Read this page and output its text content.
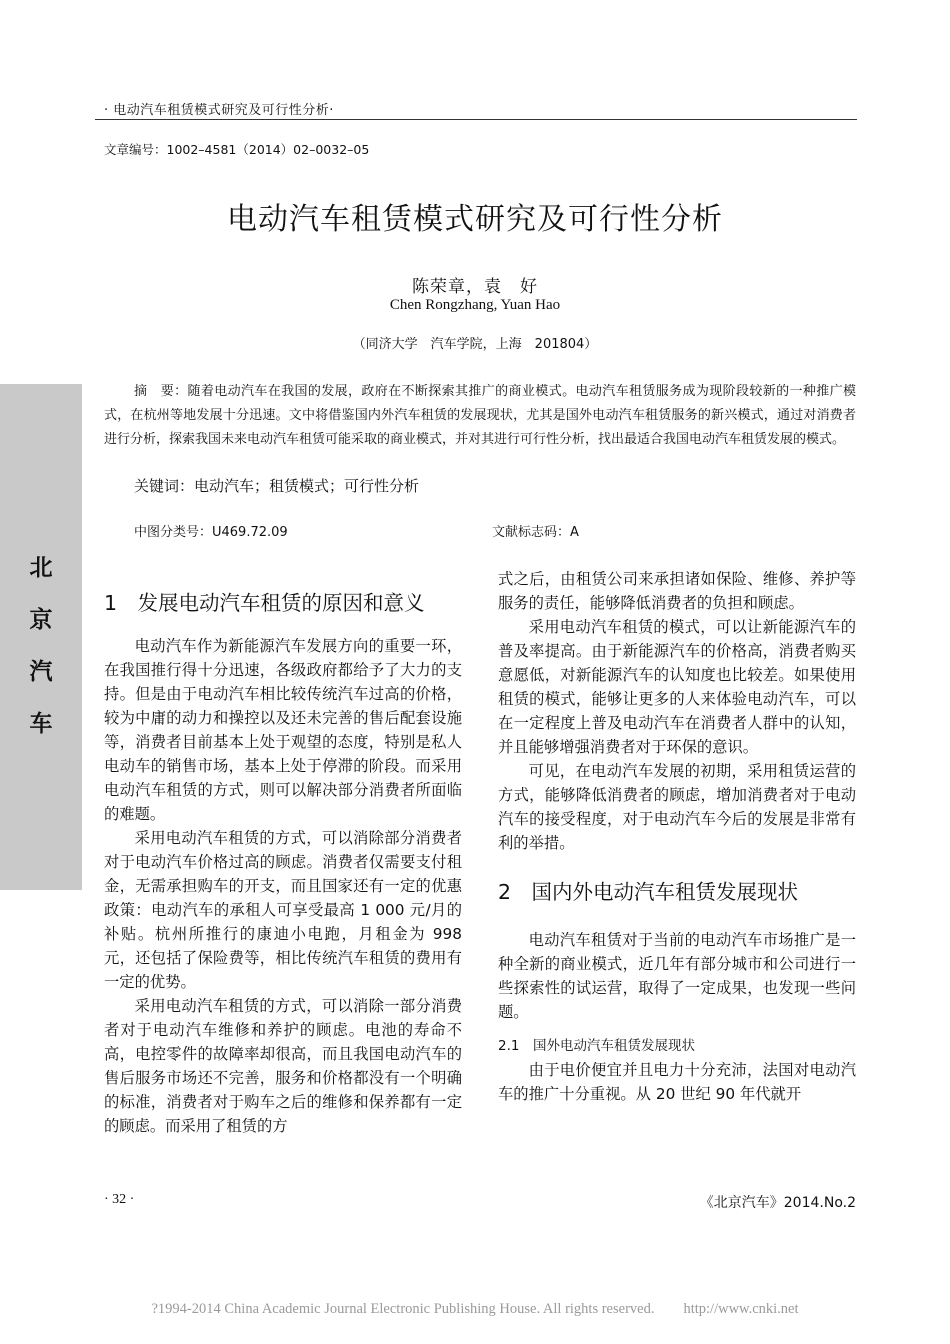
· 电动汽车租赁模式研究及可行性分析·
文章编号：1002–4581（2014）02–0032–05
电动汽车租赁模式研究及可行性分析
陈荣章，袁　好
Chen Rongzhang, Yuan Hao
（同济大学　汽车学院，上海　201804）
摘　要：随着电动汽车在我国的发展，政府在不断探索其推广的商业模式。电动汽车租赁服务成为现阶段较新的一种推广模式，在杭州等地发展十分迅速。文中将借鉴国内外汽车租赁的发展现状，尤其是国外电动汽车租赁服务的新兴模式，通过对消费者进行分析，探索我国未来电动汽车租赁可能采取的商业模式，并对其进行可行性分析，找出最适合我国电动汽车租赁发展的模式。
关键词：电动汽车；租赁模式；可行性分析
中图分类号：U469.72.09	文献标志码：A
北
京
汽
车

1　发展电动汽车租赁的原因和意义

电动汽车作为新能源汽车发展方向的重要一环，在我国推行得十分迅速，各级政府都给予了大力的支持。但是由于电动汽车相比较传统汽车过高的价格，较为中庸的动力和操控以及还未完善的售后配套设施等，消费者目前基本上处于观望的态度，特别是私人电动车的销售市场，基本上处于停滞的阶段。而采用电动汽车租赁的方式，则可以解决部分消费者所面临的难题。

采用电动汽车租赁的方式，可以消除部分消费者对于电动汽车价格过高的顾虑。消费者仅需要支付租金，无需承担购车的开支，而且国家还有一定的优惠政策：电动汽车的承租人可享受最高 1 000 元/月的补贴。杭州所推行的康迪小电跑，月租金为 998 元，还包括了保险费等，相比传统汽车租赁的费用有一定的优势。

采用电动汽车租赁的方式，可以消除一部分消费者对于电动汽车维修和养护的顾虑。电池的寿命不高，电控零件的故障率却很高，而且我国电动汽车的售后服务市场还不完善，服务和价格都没有一个明确的标准，消费者对于购车之后的维修和保养都有一定的顾虑。而采用了租赁的方

式之后，由租赁公司来承担诸如保险、维修、养护等服务的责任，能够降低消费者的负担和顾虑。

采用电动汽车租赁的模式，可以让新能源汽车的普及率提高。由于新能源汽车的价格高，消费者购买意愿低，对新能源汽车的认知度也比较差。如果使用租赁的模式，能够让更多的人来体验电动汽车，可以在一定程度上普及电动汽车在消费者人群中的认知，并且能够增强消费者对于环保的意识。

可见，在电动汽车发展的初期，采用租赁运营的方式，能够降低消费者的顾虑，增加消费者对于电动汽车的接受程度，对于电动汽车今后的发展是非常有利的举措。

2　国内外电动汽车租赁发展现状

电动汽车租赁对于当前的电动汽车市场推广是一种全新的商业模式，近几年有部分城市和公司进行一些探索性的试运营，取得了一定成果，也发现一些问题。

2.1　国外电动汽车租赁发展现状

由于电价便宜并且电力十分充沛，法国对电动汽车的推广十分重视。从 20 世纪 90 年代就开

· 32 ·	《北京汽车》2014.No.2
?1994-2014 China Academic Journal Electronic Publishing House. All rights reserved.　　http://www.cnki.net
